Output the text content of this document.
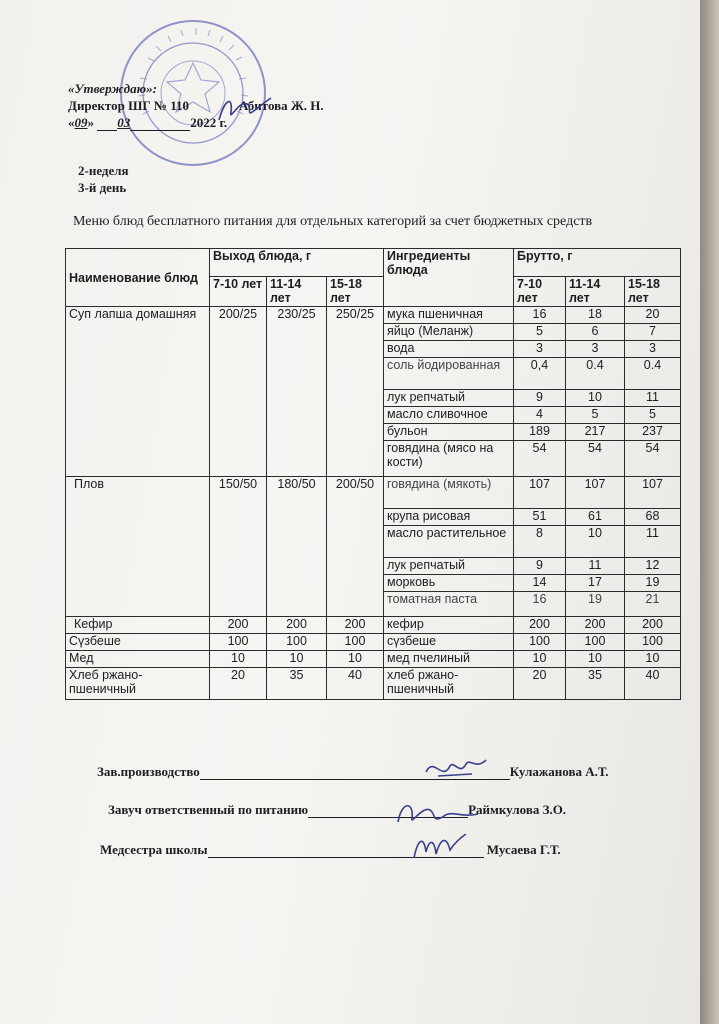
«Утверждаю»:
Директор ШГ № 110	Абитова Ж. Н.
«09» 03	2022 г.
2-неделя
3-й день
Меню блюд бесплатного питания для отдельных категорий за счет бюджетных средств
Наименование блюд	Выход блюда, г			Ингредиенты блюда	Брутто, г		
	7-10 лет	11-14 лет	15-18 лет		7-10 лет	11-14 лет	15-18 лет
Суп лапша домашняя	200/25	230/25	250/25	мука пшеничная	16	18	20
				яйцо (Меланж)	5	6	7
				вода	3	3	3
				соль йодированная	0,4	0.4	0.4
				лук репчатый	9	10	11
				масло сливочное	4	5	5
				бульон	189	217	237
				говядина (мясо на кости)	54	54	54
Плов	150/50	180/50	200/50	говядина (мякоть)	107	107	107
				крупа рисовая	51	61	68
				масло растительное	8	10	11
				лук репчатый	9	11	12
				морковь	14	17	19
				томатная паста	16	19	21
Кефир	200	200	200	кефир	200	200	200
Сүзбеше	100	100	100	сүзбеше	100	100	100
Мед	10	10	10	мед пчелиный	10	10	10
Хлеб ржано-пшеничный	20	35	40	хлеб ржано-пшеничный	20	35	40
Зав.производство	Кулажанова А.Т.
Завуч ответственный по питанию	Раймкулова З.О.
Медсестра школы	Мусаева Г.Т.
